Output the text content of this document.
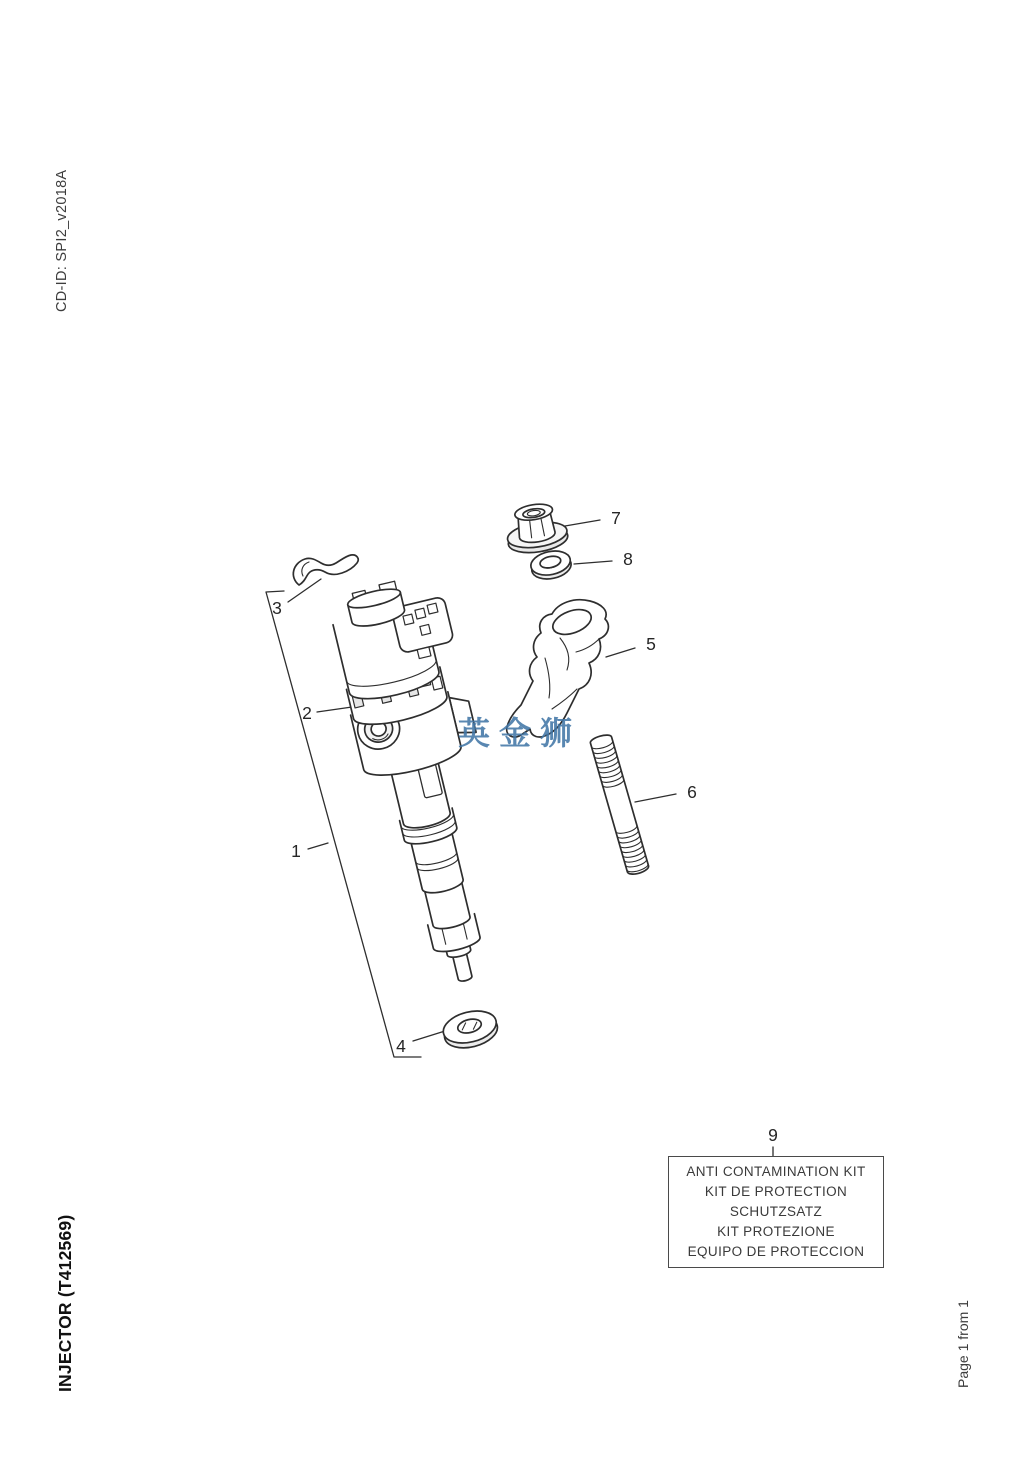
CD-ID: SPI2_v2018A
INJECTOR (T412569)	Page 1 from 1
1
2
3
4
5
6
7
8
9
英金狮
ANTI CONTAMINATION KIT
KIT DE PROTECTION
SCHUTZSATZ
KIT PROTEZIONE
EQUIPO DE PROTECCION
